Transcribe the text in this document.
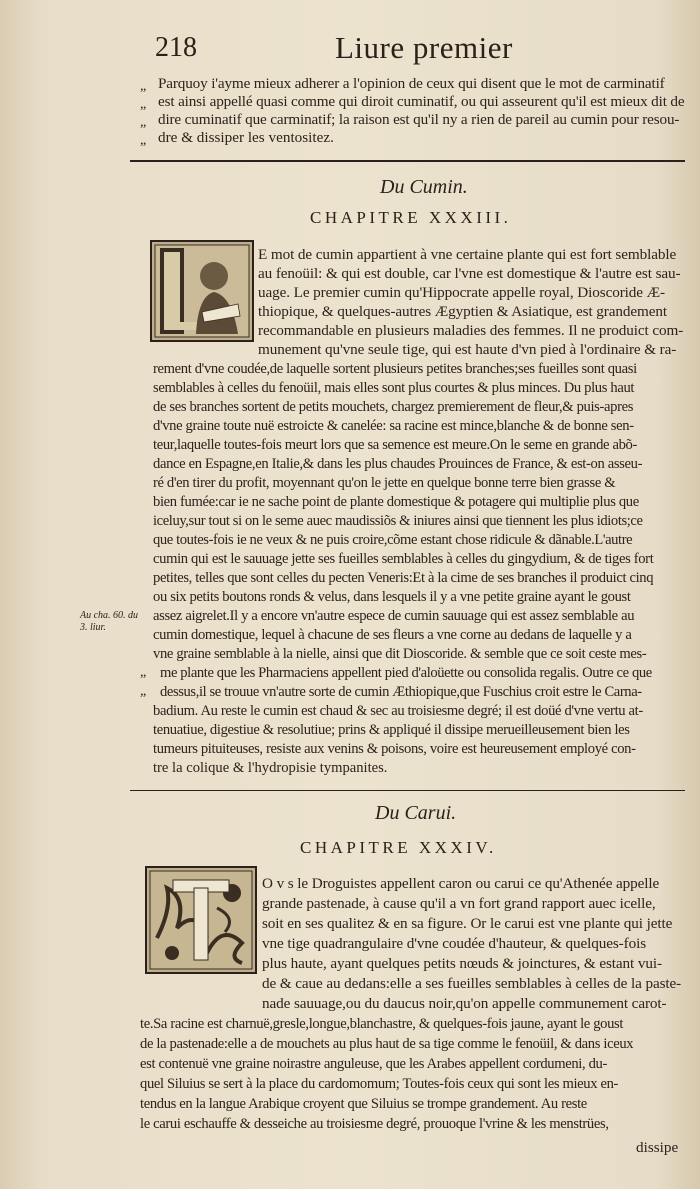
218	Liure premier
„
„
„
„
Parquoy i'ayme mieux adherer a l'opinion de ceux qui disent que le mot de carminatif
est ainsi appellé quasi comme qui diroit cuminatif, ou qui asseurent qu'il est mieux dit de
dire cuminatif que carminatif; la raison est qu'il ny a rien de pareil au cumin pour resou-
dre & dissiper les ventositez.
Du Cumin.
CHAPITRE XXXIII.
E mot de cumin appartient à vne certaine plante qui est fort semblable
au fenoüil: & qui est double, car l'vne est domestique & l'autre est sau-
uage. Le premier cumin qu'Hippocrate appelle royal, Dioscoride Æ-
thiopique, & quelques-autres Ægyptien & Asiatique, est grandement
recommandable en plusieurs maladies des femmes. Il ne produict com-
munement qu'vne seule tige, qui est haute d'vn pied à l'ordinaire & ra-
rement d'vne coudée,de laquelle sortent plusieurs petites branches;ses fueilles sont quasi
semblables à celles du fenoüil, mais elles sont plus courtes & plus minces. Du plus haut
de ses branches sortent de petits mouchets, chargez premierement de fleur,& puis-apres
d'vne graine toute nuë estroicte & canelée: sa racine est mince,blanche & de bonne sen-
teur,laquelle toutes-fois meurt lors que sa semence est meure.On le seme en grande abõ-
dance en Espagne,en Italie,& dans les plus chaudes Prouinces de France, & est-on asseu-
ré d'en tirer du profit, moyennant qu'on le jette en quelque bonne terre bien grasse &
bien fumée:car ie ne sache point de plante domestique & potagere qui multiplie plus que
iceluy,sur tout si on le seme auec maudissiõs & iniures ainsi que tiennent les plus idiots;ce
que toutes-fois ie ne veux & ne puis croire,cõme estant chose ridicule & dãnable.L'autre
cumin qui est le sauuage jette ses fueilles semblables à celles du gingydium, & de tiges fort
petites, telles que sont celles du pecten Veneris:Et à la cime de ses branches il produict cinq
ou six petits boutons ronds & velus, dans lesquels il y a vne petite graine ayant le goust
assez aigrelet.Il y a encore vn'autre espece de cumin sauuage qui est assez semblable au
cumin domestique, lequel à chacune de ses fleurs a vne corne au dedans de laquelle y a
vne graine semblable à la nielle, ainsi que dit Dioscoride. & semble que ce soit ceste mes-
„
„
me plante que les Pharmaciens appellent pied d'aloüette ou consolida regalis. Outre ce que
dessus,il se trouue vn'autre sorte de cumin Æthiopique,que Fuschius croit estre le Carna-
badium. Au reste le cumin est chaud & sec au troisiesme degré; il est doüé d'vne vertu at-
tenuatiue, digestiue & resolutiue; prins & appliqué il dissipe merueilleusement bien les
tumeurs pituiteuses, resiste aux venins & poisons, voire est heureusement employé con-
tre la colique & l'hydropisie tympanites.
Au cha. 60. du
3. liur.
Du Carui.
CHAPITRE XXXIV.
O v s le Droguistes appellent caron ou carui ce qu'Athenée appelle
grande pastenade, à cause qu'il a vn fort grand rapport auec icelle,
soit en ses qualitez & en sa figure. Or le carui est vne plante qui jette
vne tige quadrangulaire d'vne coudée d'hauteur, & quelques-fois
plus haute, ayant quelques petits nœuds & joinctures, & estant vui-
de & caue au dedans:elle a ses fueilles semblables à celles de la paste-
nade sauuage,ou du daucus noir,qu'on appelle communement carot-
te.Sa racine est charnuë,gresle,longue,blanchastre, & quelques-fois jaune, ayant le goust
de la pastenade:elle a de mouchets au plus haut de sa tige comme le fenoüil, & dans iceux
est contenuë vne graine noirastre anguleuse, que les Arabes appellent cordumeni, du-
quel Siluius se sert à la place du cardomomum; Toutes-fois ceux qui sont les mieux en-
tendus en la langue Arabique croyent que Siluius se trompe grandement. Au reste
le carui eschauffe & desseiche au troisiesme degré, prouoque l'vrine & les menstrües,
dissipe
